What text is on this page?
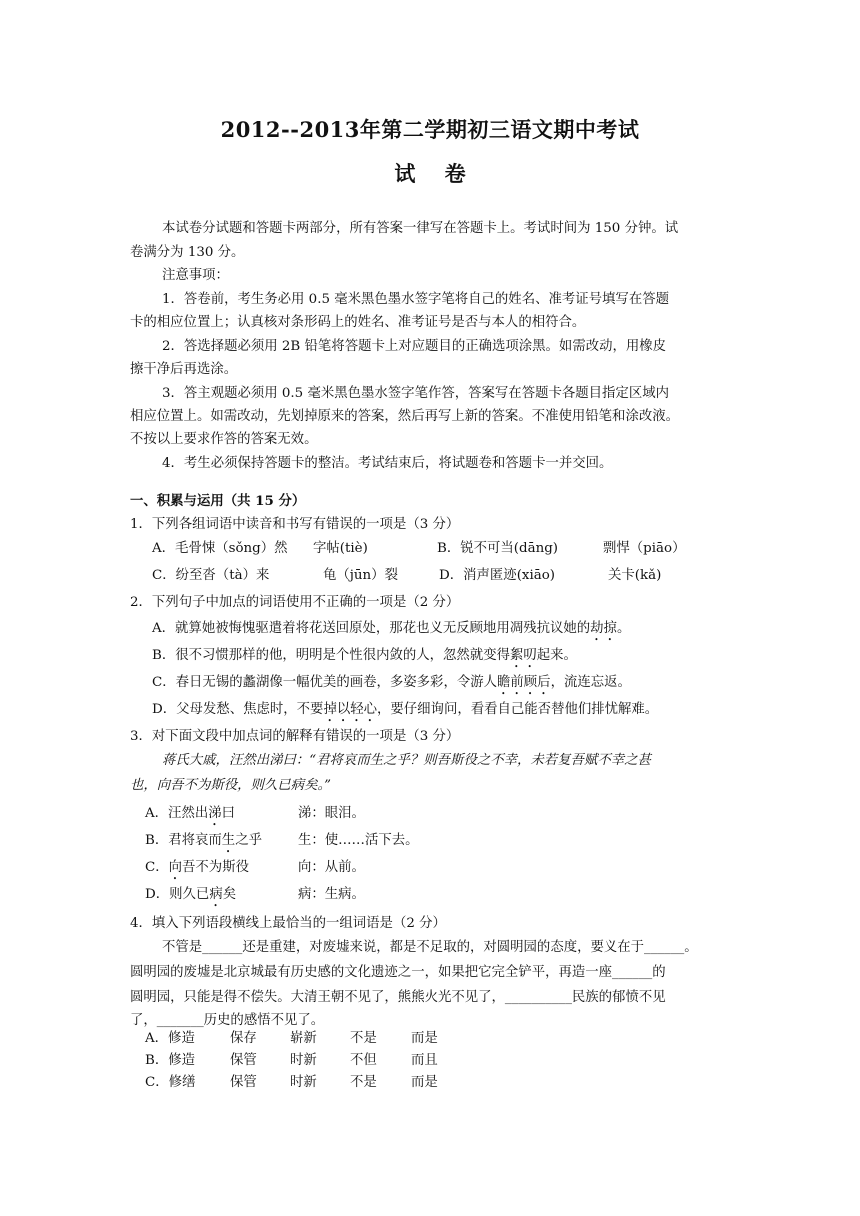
2012--2013年第二学期初三语文期中考试
试    卷
本试卷分试题和答题卡两部分，所有答案一律写在答题卡上。考试时间为 150 分钟。试
卷满分为 130 分。
注意事项：
1．答卷前，考生务必用 0.5 毫米黑色墨水签字笔将自己的姓名、准考证号填写在答题
卡的相应位置上；认真核对条形码上的姓名、准考证号是否与本人的相符合。
2．答选择题必须用 2B 铅笔将答题卡上对应题目的正确选项涂黑。如需改动，用橡皮
擦干净后再选涂。
3．答主观题必须用 0.5 毫米黑色墨水签字笔作答，答案写在答题卡各题目指定区域内
相应位置上。如需改动，先划掉原来的答案，然后再写上新的答案。不准使用铅笔和涂改液。
不按以上要求作答的答案无效。
4．考生必须保持答题卡的整洁。考试结束后，将试题卷和答题卡一并交回。
一、积累与运用（共 15 分）
1．下列各组词语中读音和书写有错误的一项是（3 分）
A．毛骨悚（sǒng）然 字帖(tiè)	B．锐不可当(dāng)	剽悍（piāo）
C．纷至沓（tà）来	龟（jūn）裂	D．消声匿迹(xiāo)	关卡(kǎ)
2．下列句子中加点的词语使用不正确的一项是（2 分）
A．就算她被悔愧驱遣着将花送回原处，那花也义无反顾地用凋残抗议她的劫掠。
B．很不习惯那样的他，明明是个性很内敛的人，忽然就变得絮叨起来。
C．春日无锡的蠡湖像一幅优美的画卷，多姿多彩，令游人瞻前顾后，流连忘返。
D．父母发愁、焦虑时，不要掉以轻心，要仔细询问，看看自己能否替他们排忧解难。
3．对下面文段中加点词的解释有错误的一项是（3 分）
蒋氏大戚，汪然出涕曰：“君将哀而生之乎？则吾斯役之不幸，未若复吾赋不幸之甚
也，向吾不为斯役，则久已病矣。”
A．汪然出涕曰	涕：眼泪。
B．君将哀而生之乎	生：使……活下去。
C．向吾不为斯役	向：从前。
D．则久已病矣	病：生病。
4．填入下列语段横线上最恰当的一组词语是（2 分）
不管是______还是重建，对废墟来说，都是不足取的，对圆明园的态度，要义在于______。
圆明园的废墟是北京城最有历史感的文化遗迹之一，如果把它完全铲平，再造一座______的
圆明园，只能是得不偿失。大清王朝不见了，熊熊火光不见了，__________民族的郁愤不见
了，_______历史的感悟不见了。
A．修造	保存 崭新 不是	而是
B．修造	保管 时新 不但	而且
C．修缮	保管 时新 不是	而是
